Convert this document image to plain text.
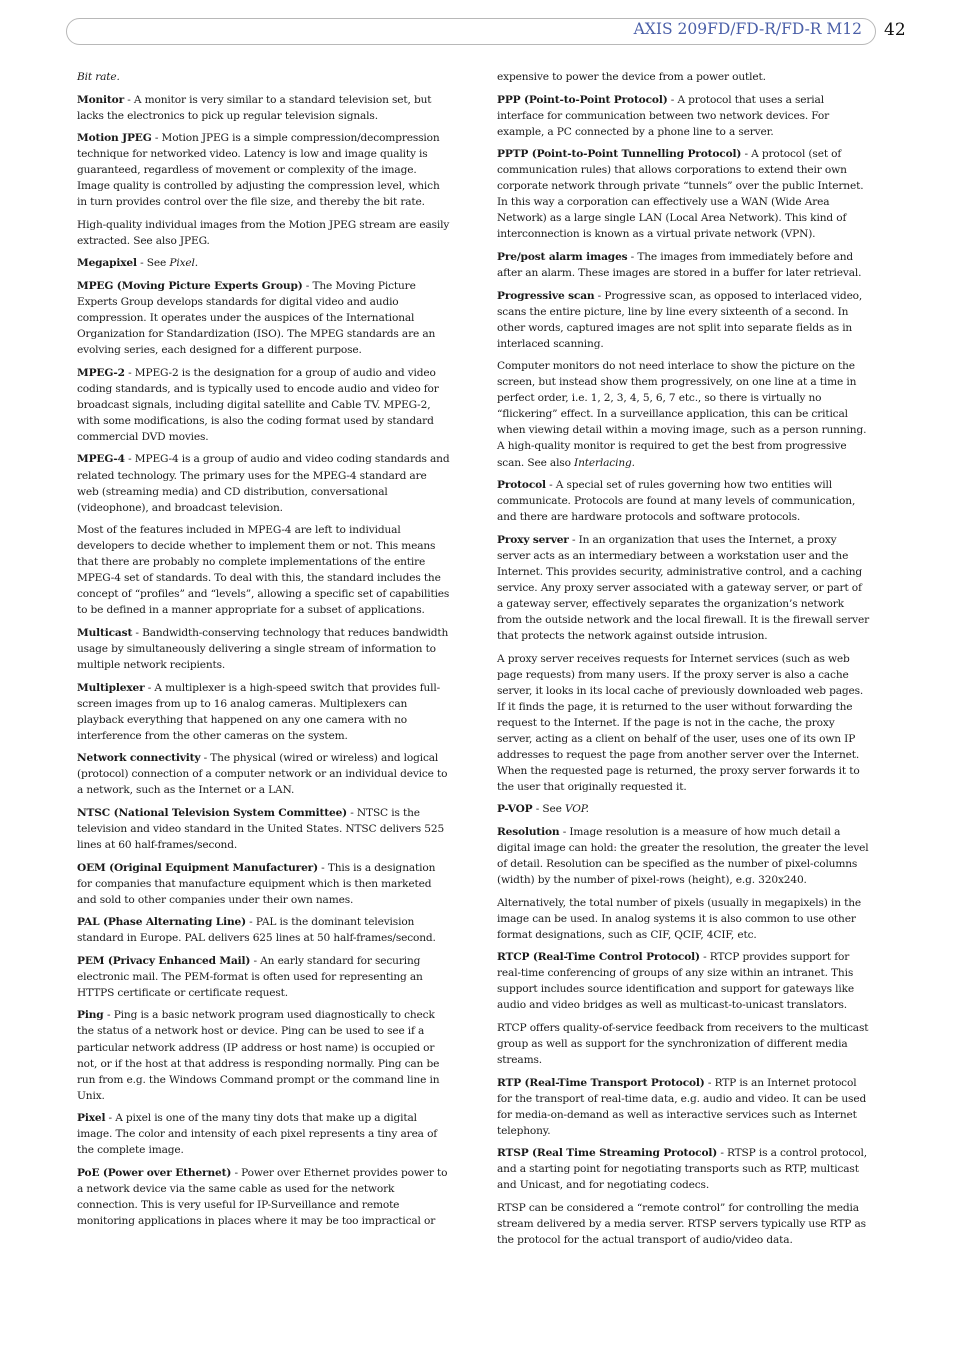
AXIS 209FD/FD-R/FD-R M12 42

Bit rate.

Monitor - A monitor is very similar to a standard television set, but lacks the electronics to pick up regular television signals.

Motion JPEG - Motion JPEG is a simple compression/decompression technique for networked video. Latency is low and image quality is guaranteed, regardless of movement or complexity of the image. Image quality is controlled by adjusting the compression level, which in turn provides control over the file size, and thereby the bit rate.

High-quality individual images from the Motion JPEG stream are easily extracted. See also JPEG.

Megapixel - See Pixel.

MPEG (Moving Picture Experts Group) - The Moving Picture Experts Group develops standards for digital video and audio compression. It operates under the auspices of the International Organization for Standardization (ISO). The MPEG standards are an evolving series, each designed for a different purpose.

MPEG-2 - MPEG-2 is the designation for a group of audio and video coding standards, and is typically used to encode audio and video for broadcast signals, including digital satellite and Cable TV. MPEG-2, with some modifications, is also the coding format used by standard commercial DVD movies.

MPEG-4 - MPEG-4 is a group of audio and video coding standards and related technology. The primary uses for the MPEG-4 standard are web (streaming media) and CD distribution, conversational (videophone), and broadcast television.

Most of the features included in MPEG-4 are left to individual developers to decide whether to implement them or not. This means that there are probably no complete implementations of the entire MPEG-4 set of standards. To deal with this, the standard includes the concept of “profiles” and “levels”, allowing a specific set of capabilities to be defined in a manner appropriate for a subset of applications.

Multicast - Bandwidth-conserving technology that reduces bandwidth usage by simultaneously delivering a single stream of information to multiple network recipients.

Multiplexer - A multiplexer is a high-speed switch that provides full-screen images from up to 16 analog cameras. Multiplexers can playback everything that happened on any one camera with no interference from the other cameras on the system.

Network connectivity - The physical (wired or wireless) and logical (protocol) connection of a computer network or an individual device to a network, such as the Internet or a LAN.

NTSC (National Television System Committee) - NTSC is the television and video standard in the United States. NTSC delivers 525 lines at 60 half-frames/second.

OEM (Original Equipment Manufacturer) - This is a designation for companies that manufacture equipment which is then marketed and sold to other companies under their own names.

PAL (Phase Alternating Line) - PAL is the dominant television standard in Europe. PAL delivers 625 lines at 50 half-frames/second.

PEM (Privacy Enhanced Mail) - An early standard for securing electronic mail. The PEM-format is often used for representing an HTTPS certificate or certificate request.

Ping - Ping is a basic network program used diagnostically to check the status of a network host or device. Ping can be used to see if a particular network address (IP address or host name) is occupied or not, or if the host at that address is responding normally. Ping can be run from e.g. the Windows Command prompt or the command line in Unix.

Pixel - A pixel is one of the many tiny dots that make up a digital image. The color and intensity of each pixel represents a tiny area of the complete image.

PoE (Power over Ethernet) - Power over Ethernet provides power to a network device via the same cable as used for the network connection. This is very useful for IP-Surveillance and remote monitoring applications in places where it may be too impractical or

expensive to power the device from a power outlet.

PPP (Point-to-Point Protocol) - A protocol that uses a serial interface for communication between two network devices. For example, a PC connected by a phone line to a server.

PPTP (Point-to-Point Tunnelling Protocol) - A protocol (set of communication rules) that allows corporations to extend their own corporate network through private “tunnels” over the public Internet. In this way a corporation can effectively use a WAN (Wide Area Network) as a large single LAN (Local Area Network). This kind of interconnection is known as a virtual private network (VPN).

Pre/post alarm images - The images from immediately before and after an alarm. These images are stored in a buffer for later retrieval.

Progressive scan - Progressive scan, as opposed to interlaced video, scans the entire picture, line by line every sixteenth of a second. In other words, captured images are not split into separate fields as in interlaced scanning.

Computer monitors do not need interlace to show the picture on the screen, but instead show them progressively, on one line at a time in perfect order, i.e. 1, 2, 3, 4, 5, 6, 7 etc., so there is virtually no “flickering” effect. In a surveillance application, this can be critical when viewing detail within a moving image, such as a person running. A high-quality monitor is required to get the best from progressive scan. See also Interlacing.

Protocol - A special set of rules governing how two entities will communicate. Protocols are found at many levels of communication, and there are hardware protocols and software protocols.

Proxy server - In an organization that uses the Internet, a proxy server acts as an intermediary between a workstation user and the Internet. This provides security, administrative control, and a caching service. Any proxy server associated with a gateway server, or part of a gateway server, effectively separates the organization’s network from the outside network and the local firewall. It is the firewall server that protects the network against outside intrusion.

A proxy server receives requests for Internet services (such as web page requests) from many users. If the proxy server is also a cache server, it looks in its local cache of previously downloaded web pages. If it finds the page, it is returned to the user without forwarding the request to the Internet. If the page is not in the cache, the proxy server, acting as a client on behalf of the user, uses one of its own IP addresses to request the page from another server over the Internet. When the requested page is returned, the proxy server forwards it to the user that originally requested it.

P-VOP - See VOP.

Resolution - Image resolution is a measure of how much detail a digital image can hold: the greater the resolution, the greater the level of detail. Resolution can be specified as the number of pixel-columns (width) by the number of pixel-rows (height), e.g. 320x240.

Alternatively, the total number of pixels (usually in megapixels) in the image can be used. In analog systems it is also common to use other format designations, such as CIF, QCIF, 4CIF, etc.

RTCP (Real-Time Control Protocol) - RTCP provides support for real-time conferencing of groups of any size within an intranet. This support includes source identification and support for gateways like audio and video bridges as well as multicast-to-unicast translators.

RTCP offers quality-of-service feedback from receivers to the multicast group as well as support for the synchronization of different media streams.

RTP (Real-Time Transport Protocol) - RTP is an Internet protocol for the transport of real-time data, e.g. audio and video. It can be used for media-on-demand as well as interactive services such as Internet telephony.

RTSP (Real Time Streaming Protocol) - RTSP is a control protocol, and a starting point for negotiating transports such as RTP, multicast and Unicast, and for negotiating codecs.

RTSP can be considered a “remote control” for controlling the media stream delivered by a media server. RTSP servers typically use RTP as the protocol for the actual transport of audio/video data.
